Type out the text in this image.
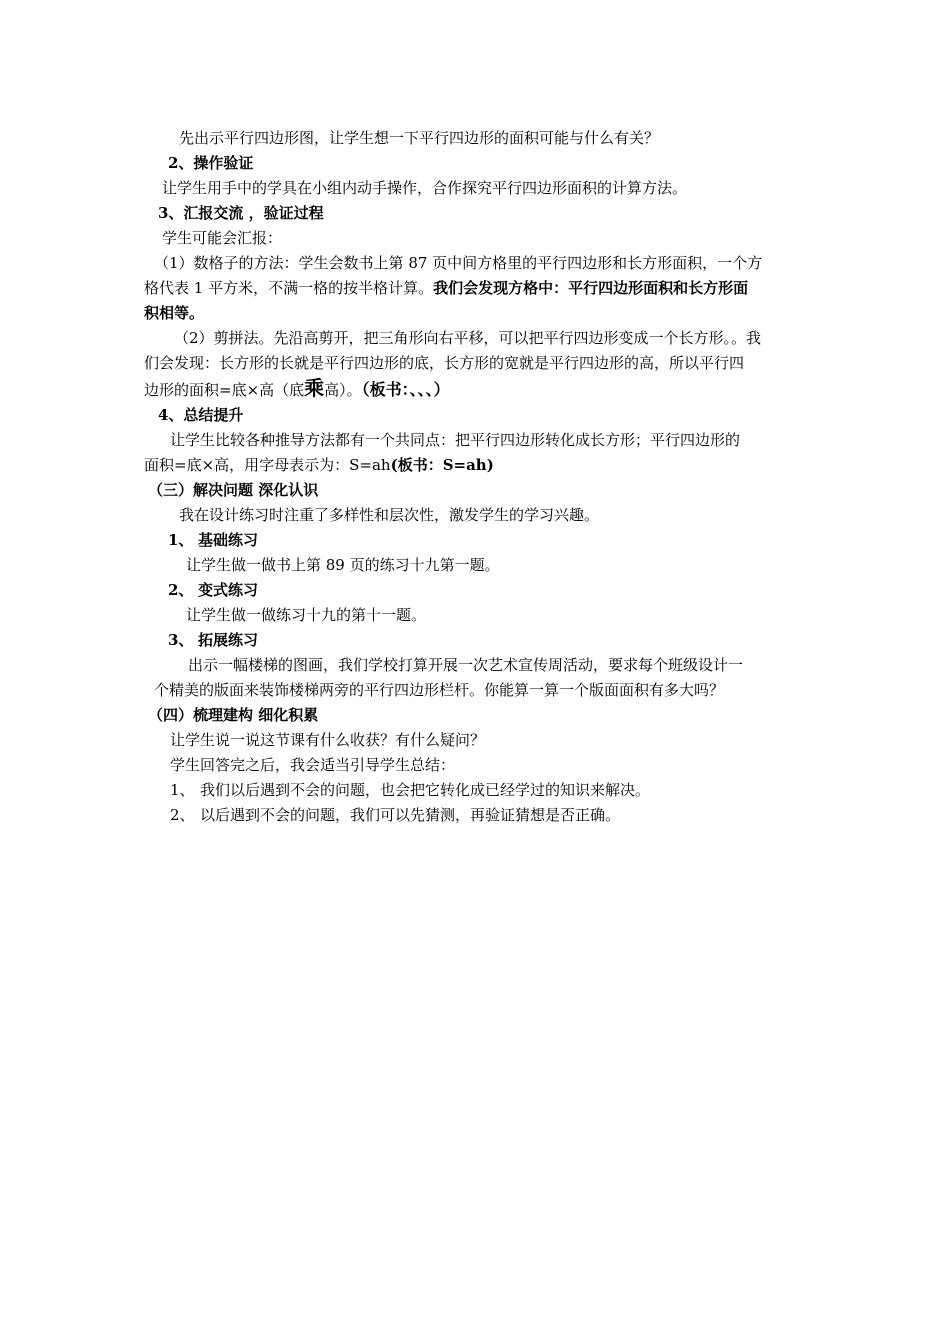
先出示平行四边形图，让学生想一下平行四边形的面积可能与什么有关？

2、操作验证

让学生用手中的学具在小组内动手操作，合作探究平行四边形面积的计算方法。

3、汇报交流 ，验证过程

学生可能会汇报：

（1）数格子的方法：学生会数书上第 87 页中间方格里的平行四边形和长方形面积，一个方

格代表 1 平方米，不满一格的按半格计算。我们会发现方格中：平行四边形面积和长方形面

积相等。

（2）剪拼法。先沿高剪开，把三角形向右平移，可以把平行四边形变成一个长方形。。我

们会发现：长方形的长就是平行四边形的底，长方形的宽就是平行四边形的高，所以平行四

边形的面积=底×高（底乘高）。（板书：、、、）

4、总结提升

让学生比较各种推导方法都有一个共同点：把平行四边形转化成长方形；平行四边形的

面积=底×高，用字母表示为：S=ah(板书：S=ah)

（三）解决问题 深化认识

我在设计练习时注重了多样性和层次性，激发学生的学习兴趣。

1、 基础练习

让学生做一做书上第 89 页的练习十九第一题。

2、 变式练习

让学生做一做练习十九的第十一题。

3、 拓展练习

出示一幅楼梯的图画，我们学校打算开展一次艺术宣传周活动，要求每个班级设计一

个精美的版面来装饰楼梯两旁的平行四边形栏杆。你能算一算一个版面面积有多大吗？

（四）梳理建构 细化积累

让学生说一说这节课有什么收获？有什么疑问？

学生回答完之后，我会适当引导学生总结：

1、 我们以后遇到不会的问题，也会把它转化成已经学过的知识来解决。

2、 以后遇到不会的问题，我们可以先猜测，再验证猜想是否正确。
